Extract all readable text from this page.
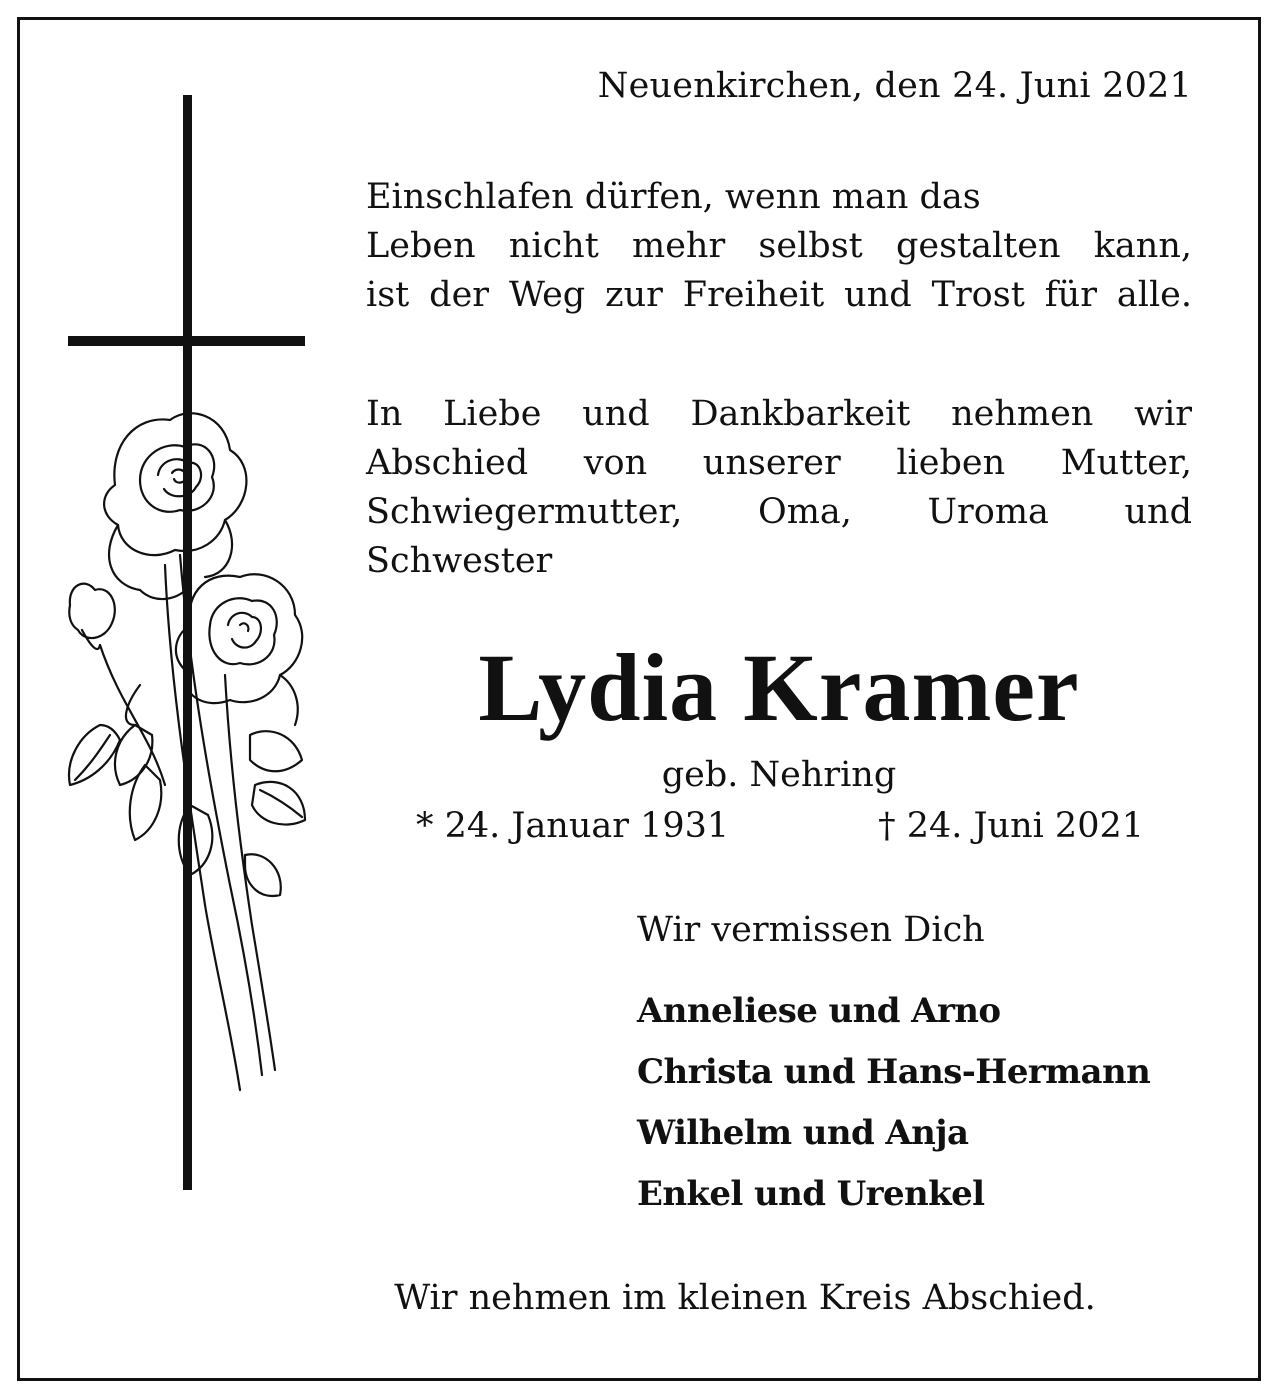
Neuenkirchen, den 24. Juni 2021

Einschlafen dürfen, wenn man das
Leben nicht mehr selbst gestalten kann,
ist der Weg zur Freiheit und Trost für alle.
In Liebe und Dankbarkeit nehmen wir
Abschied von unserer lieben Mutter,
Schwiegermutter, Oma, Uroma und
Schwester
Lydia Kramer

geb. Nehring

* 24. Januar 1931	† 24. Juni 2021

Wir vermissen Dich

Anneliese und Arno
Christa und Hans-Hermann
Wilhelm und Anja
Enkel und Urenkel

Wir nehmen im kleinen Kreis Abschied.
